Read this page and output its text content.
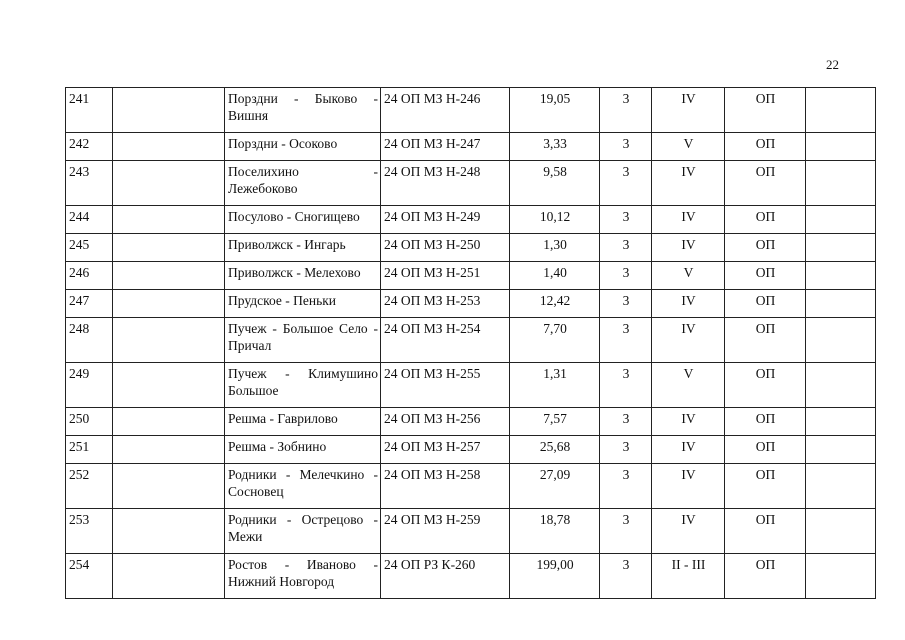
22
241		Порздни - Быково - Вишня	24 ОП МЗ Н-246	19,05	3	IV	ОП	
242		Порздни - Осоково	24 ОП МЗ Н-247	3,33	3	V	ОП	
243		Поселихино - Лежебоково	24 ОП МЗ Н-248	9,58	3	IV	ОП	
244		Посулово - Сногищево	24 ОП МЗ Н-249	10,12	3	IV	ОП	
245		Приволжск - Ингарь	24 ОП МЗ Н-250	1,30	3	IV	ОП	
246		Приволжск - Мелехово	24 ОП МЗ Н-251	1,40	3	V	ОП	
247		Прудское - Пеньки	24 ОП МЗ Н-253	12,42	3	IV	ОП	
248		Пучеж - Большое Село - Причал	24 ОП МЗ Н-254	7,70	3	IV	ОП	
249		Пучеж - Климушино Большое	24 ОП МЗ Н-255	1,31	3	V	ОП	
250		Решма - Гаврилово	24 ОП МЗ Н-256	7,57	3	IV	ОП	
251		Решма - Зобнино	24 ОП МЗ Н-257	25,68	3	IV	ОП	
252		Родники - Мелечкино - Сосновец	24 ОП МЗ Н-258	27,09	3	IV	ОП	
253		Родники - Острецово - Межи	24 ОП МЗ Н-259	18,78	3	IV	ОП	
254		Ростов - Иваново - Нижний Новгород	24 ОП РЗ К-260	199,00	3	II - III	ОП	
